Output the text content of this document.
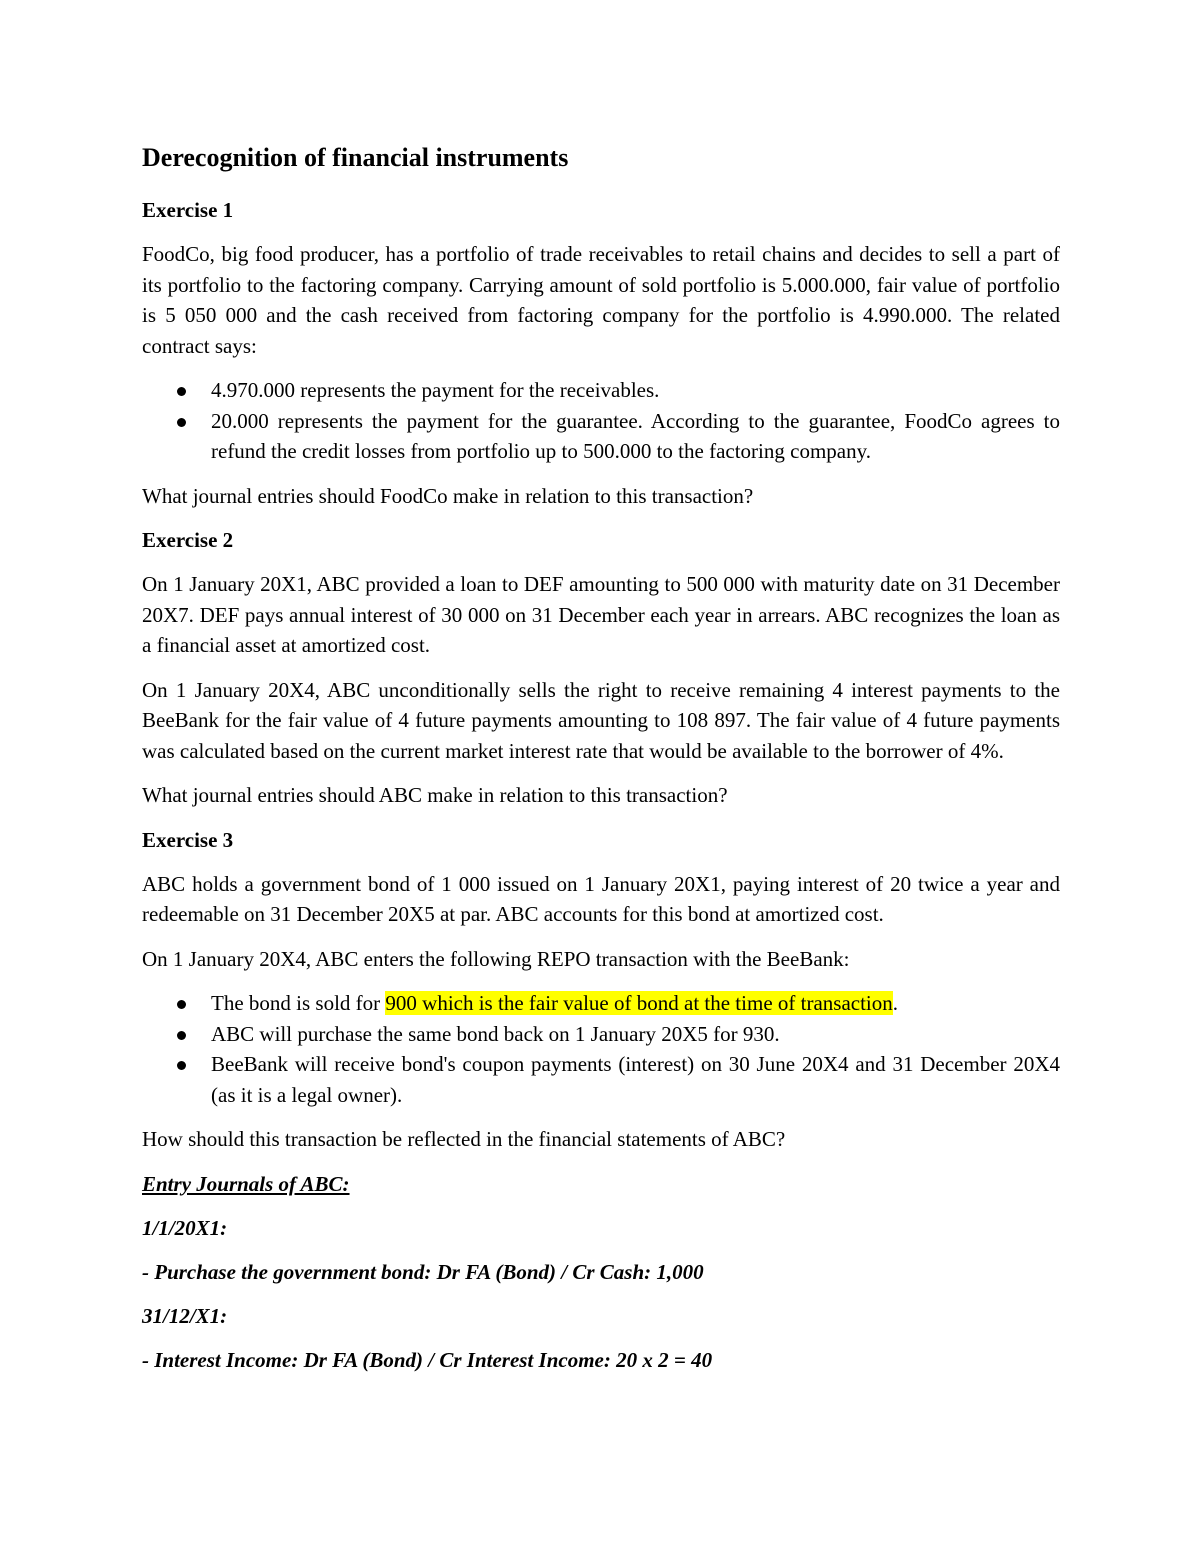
Derecognition of financial instruments
Exercise 1

FoodCo, big food producer, has a portfolio of trade receivables to retail chains and decides to sell a part of its portfolio to the factoring company. Carrying amount of sold portfolio is 5.000.000, fair value of portfolio is 5 050 000 and the cash received from factoring company for the portfolio is 4.990.000. The related contract says:

4.970.000 represents the payment for the receivables.
20.000 represents the payment for the guarantee. According to the guarantee, FoodCo agrees to refund the credit losses from portfolio up to 500.000 to the factoring company.

What journal entries should FoodCo make in relation to this transaction?

Exercise 2

On 1 January 20X1, ABC provided a loan to DEF amounting to 500 000 with maturity date on 31 December 20X7. DEF pays annual interest of 30 000 on 31 December each year in arrears. ABC recognizes the loan as a financial asset at amortized cost.

On 1 January 20X4, ABC unconditionally sells the right to receive remaining 4 interest payments to the BeeBank for the fair value of 4 future payments amounting to 108 897. The fair value of 4 future payments was calculated based on the current market interest rate that would be available to the borrower of 4%.

What journal entries should ABC make in relation to this transaction?

Exercise 3

ABC holds a government bond of 1 000 issued on 1 January 20X1, paying interest of 20 twice a year and redeemable on 31 December 20X5 at par. ABC accounts for this bond at amortized cost.

On 1 January 20X4, ABC enters the following REPO transaction with the BeeBank:

The bond is sold for 900 which is the fair value of bond at the time of transaction.
ABC will purchase the same bond back on 1 January 20X5 for 930.
BeeBank will receive bond's coupon payments (interest) on 30 June 20X4 and 31 December 20X4 (as it is a legal owner).

How should this transaction be reflected in the financial statements of ABC?

Entry Journals of ABC:
1/1/20X1:
- Purchase the government bond: Dr FA (Bond) / Cr Cash: 1,000
31/12/X1:
- Interest Income: Dr FA (Bond) / Cr Interest Income: 20 x 2 = 40
